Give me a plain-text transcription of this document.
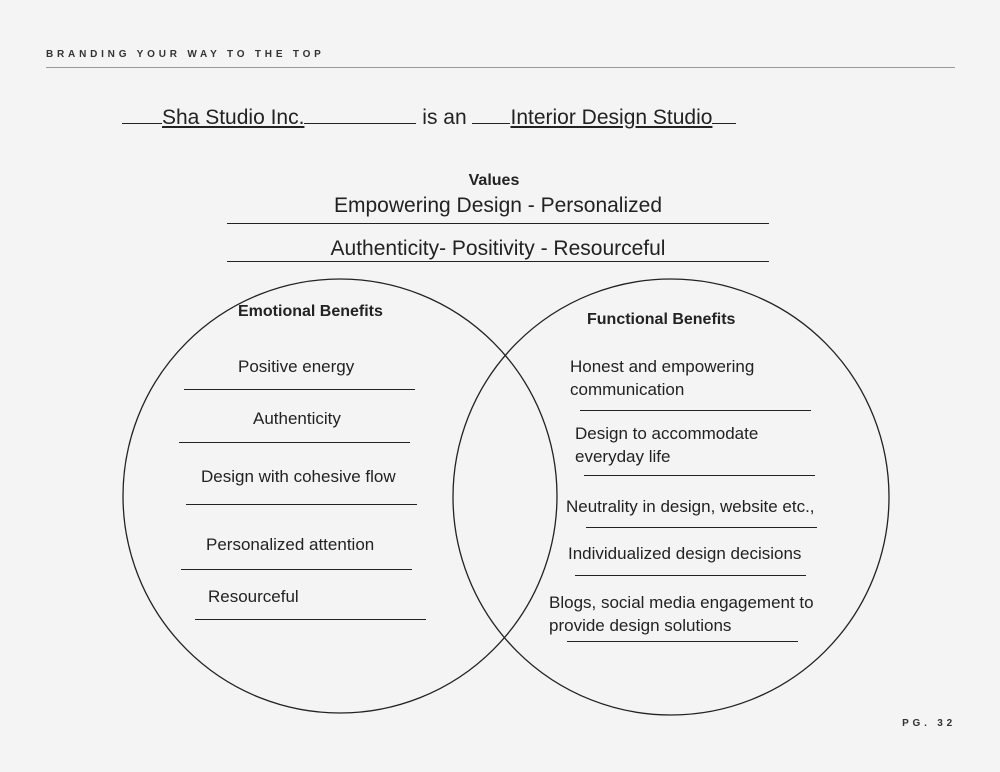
BRANDING YOUR WAY TO THE TOP
Sha Studio Inc.	is an Interior Design Studio
Values
Empowering Design - Personalized
Authenticity- Positivity - Resourceful
Emotional Benefits
Positive energy
Authenticity
Design with cohesive flow
Personalized attention
Resourceful
Functional Benefits
Honest and empowering communication
Design to accommodate everyday life
Neutrality in design, website etc.,
Individualized design decisions
Blogs, social media engagement to provide design solutions
PG. 32
